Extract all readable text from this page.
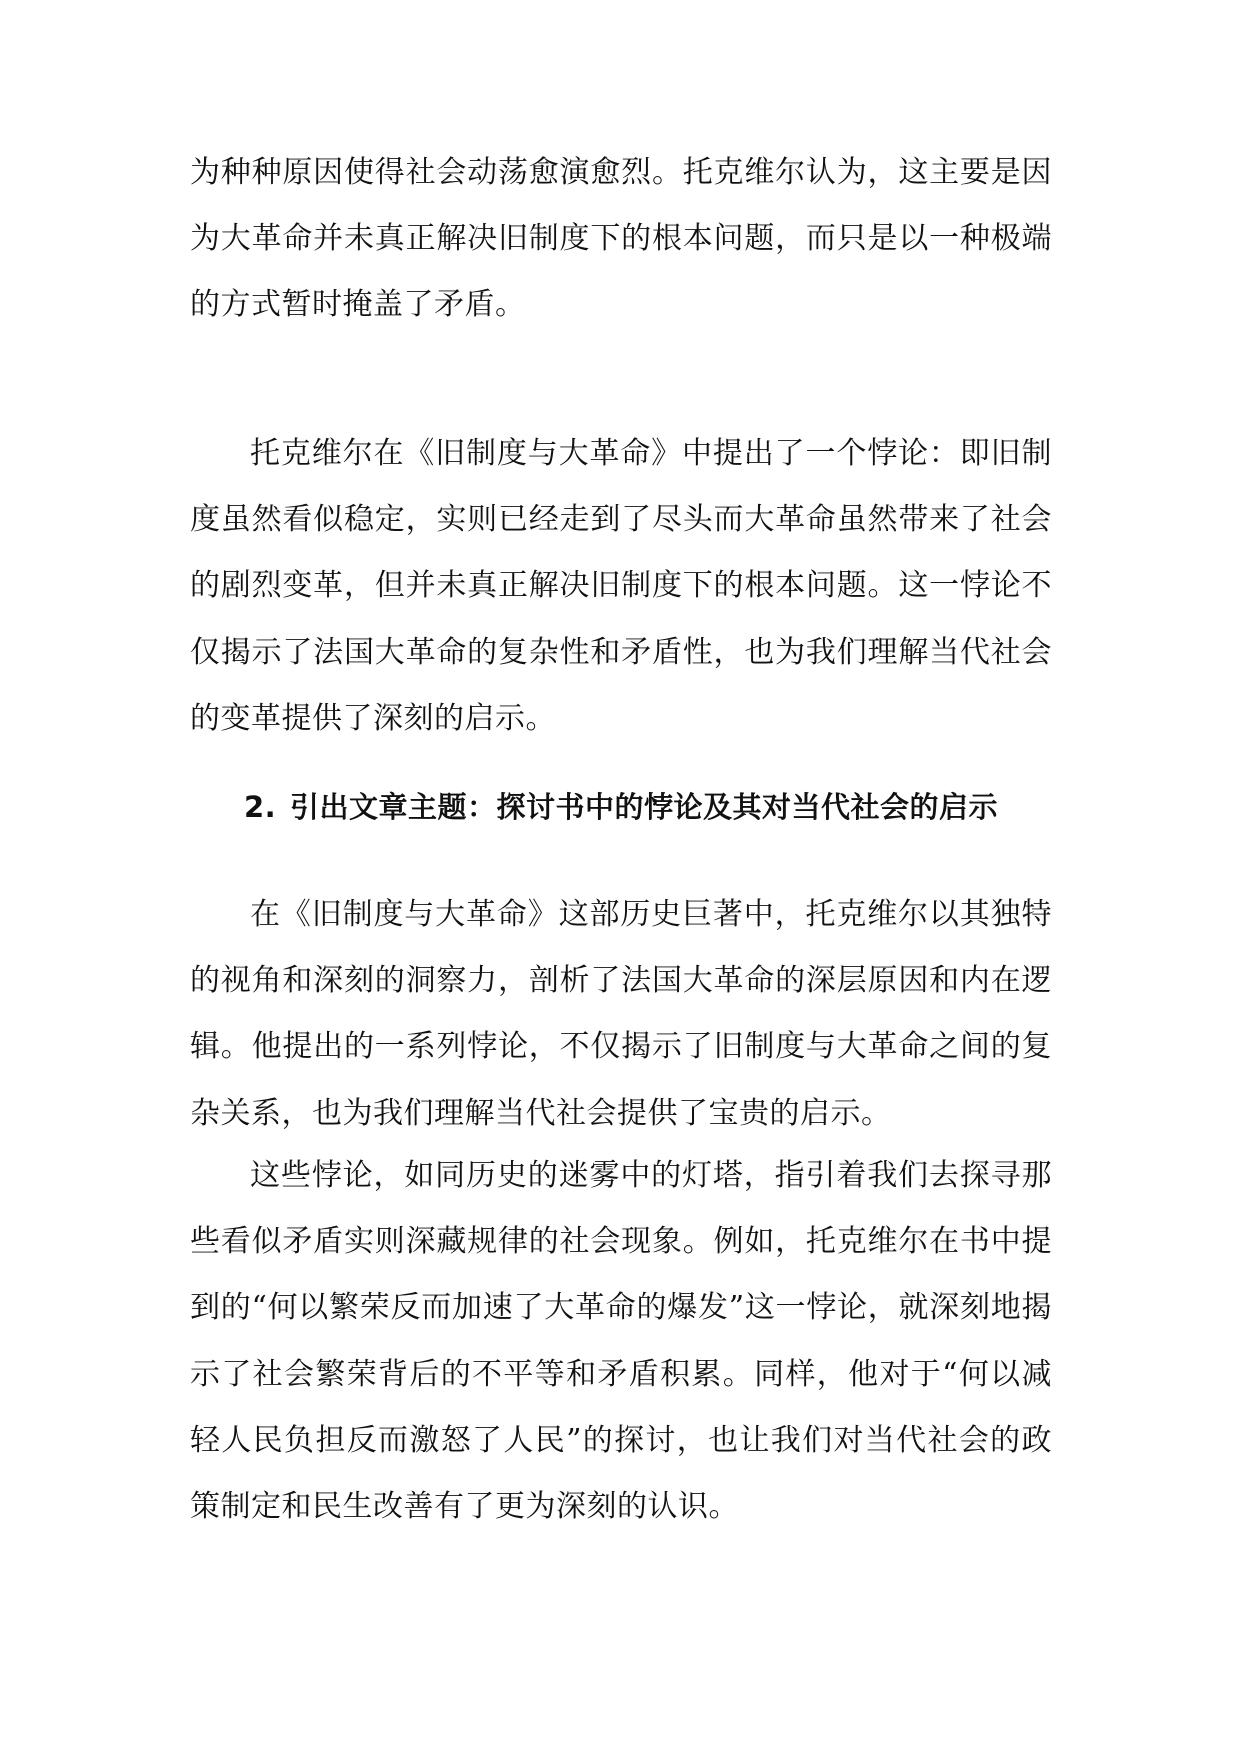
为种种原因使得社会动荡愈演愈烈。托克维尔认为，这主要是因为大革命并未真正解决旧制度下的根本问题，而只是以一种极端的方式暂时掩盖了矛盾。

托克维尔在《旧制度与大革命》中提出了一个悖论：即旧制度虽然看似稳定，实则已经走到了尽头而大革命虽然带来了社会的剧烈变革，但并未真正解决旧制度下的根本问题。这一悖论不仅揭示了法国大革命的复杂性和矛盾性，也为我们理解当代社会的变革提供了深刻的启示。

2. 引出文章主题：探讨书中的悖论及其对当代社会的启示

在《旧制度与大革命》这部历史巨著中，托克维尔以其独特的视角和深刻的洞察力，剖析了法国大革命的深层原因和内在逻辑。他提出的一系列悖论，不仅揭示了旧制度与大革命之间的复杂关系，也为我们理解当代社会提供了宝贵的启示。

这些悖论，如同历史的迷雾中的灯塔，指引着我们去探寻那些看似矛盾实则深藏规律的社会现象。例如，托克维尔在书中提到的“何以繁荣反而加速了大革命的爆发”这一悖论，就深刻地揭示了社会繁荣背后的不平等和矛盾积累。同样，他对于“何以减轻人民负担反而激怒了人民”的探讨，也让我们对当代社会的政策制定和民生改善有了更为深刻的认识。
